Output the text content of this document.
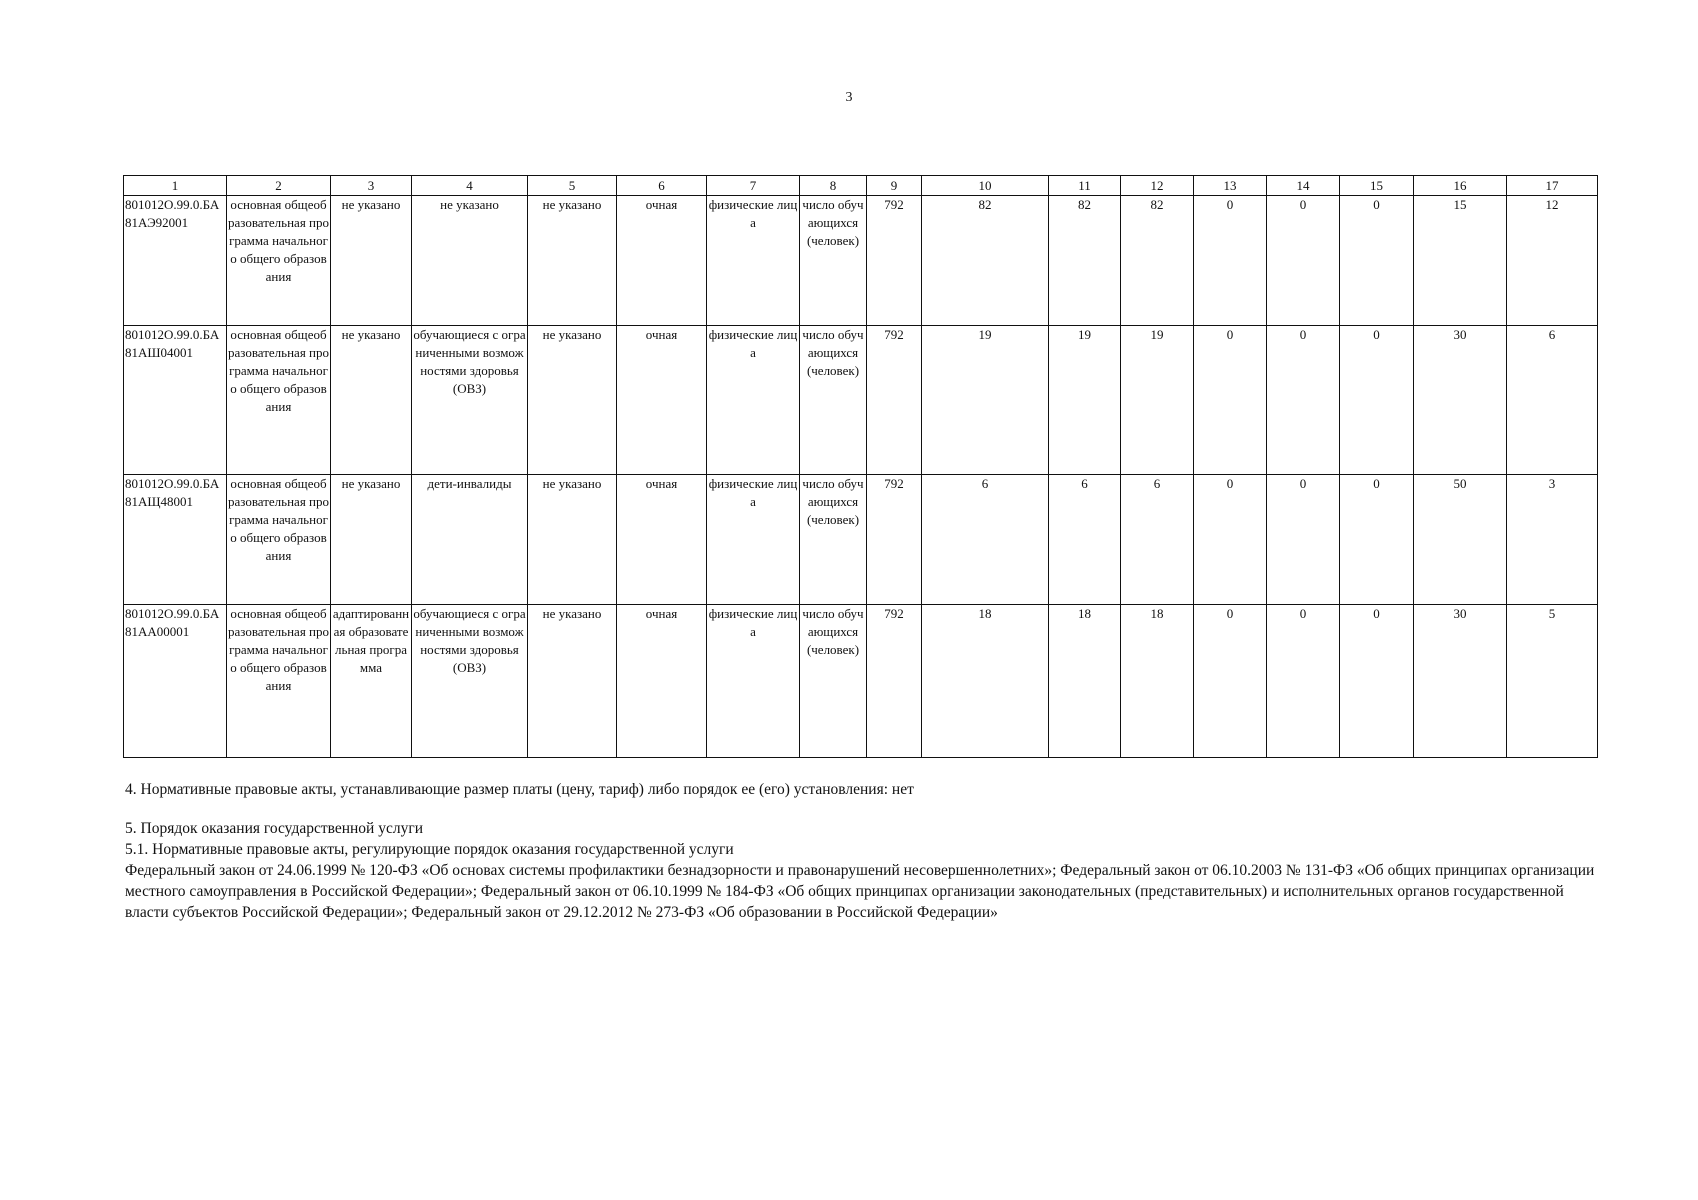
3
1	2	3	4	5	6	7	8	9	10	11	12	13	14	15	16	17
801012О.99.0.БА81АЭ92001	основная общеобразовательная программа начального общего образования	не указано	не указано	не указано	очная	физические лица	число обучающихся (человек)	792	82	82	82	0	0	0	15	12
801012О.99.0.БА81АШ04001	основная общеобразовательная программа начального общего образования	не указано	обучающиеся с ограниченными возможностями здоровья (ОВЗ)	не указано	очная	физические лица	число обучающихся (человек)	792	19	19	19	0	0	0	30	6
801012О.99.0.БА81АЩ48001	основная общеобразовательная программа начального общего образования	не указано	дети-инвалиды	не указано	очная	физические лица	число обучающихся (человек)	792	6	6	6	0	0	0	50	3
801012О.99.0.БА81АА00001	основная общеобразовательная программа начального общего образования	адаптированная образовательная программа	обучающиеся с ограниченными возможностями здоровья (ОВЗ)	не указано	очная	физические лица	число обучающихся (человек)	792	18	18	18	0	0	0	30	5
4. Нормативные правовые акты, устанавливающие размер платы (цену, тариф) либо порядок ее (его) установления: нет
5. Порядок оказания государственной услуги
5.1. Нормативные правовые акты, регулирующие порядок оказания государственной услуги
Федеральный закон от 24.06.1999 № 120-ФЗ «Об основах системы профилактики безнадзорности и правонарушений несовершеннолетних»; Федеральный закон от 06.10.2003 № 131-ФЗ «Об общих принципах организации местного самоуправления в Российской Федерации»; Федеральный закон от 06.10.1999 № 184-ФЗ «Об общих принципах организации законодательных (представительных) и исполнительных органов государственной власти субъектов Российской Федерации»; Федеральный закон от 29.12.2012 № 273-ФЗ «Об образовании в Российской Федерации»
